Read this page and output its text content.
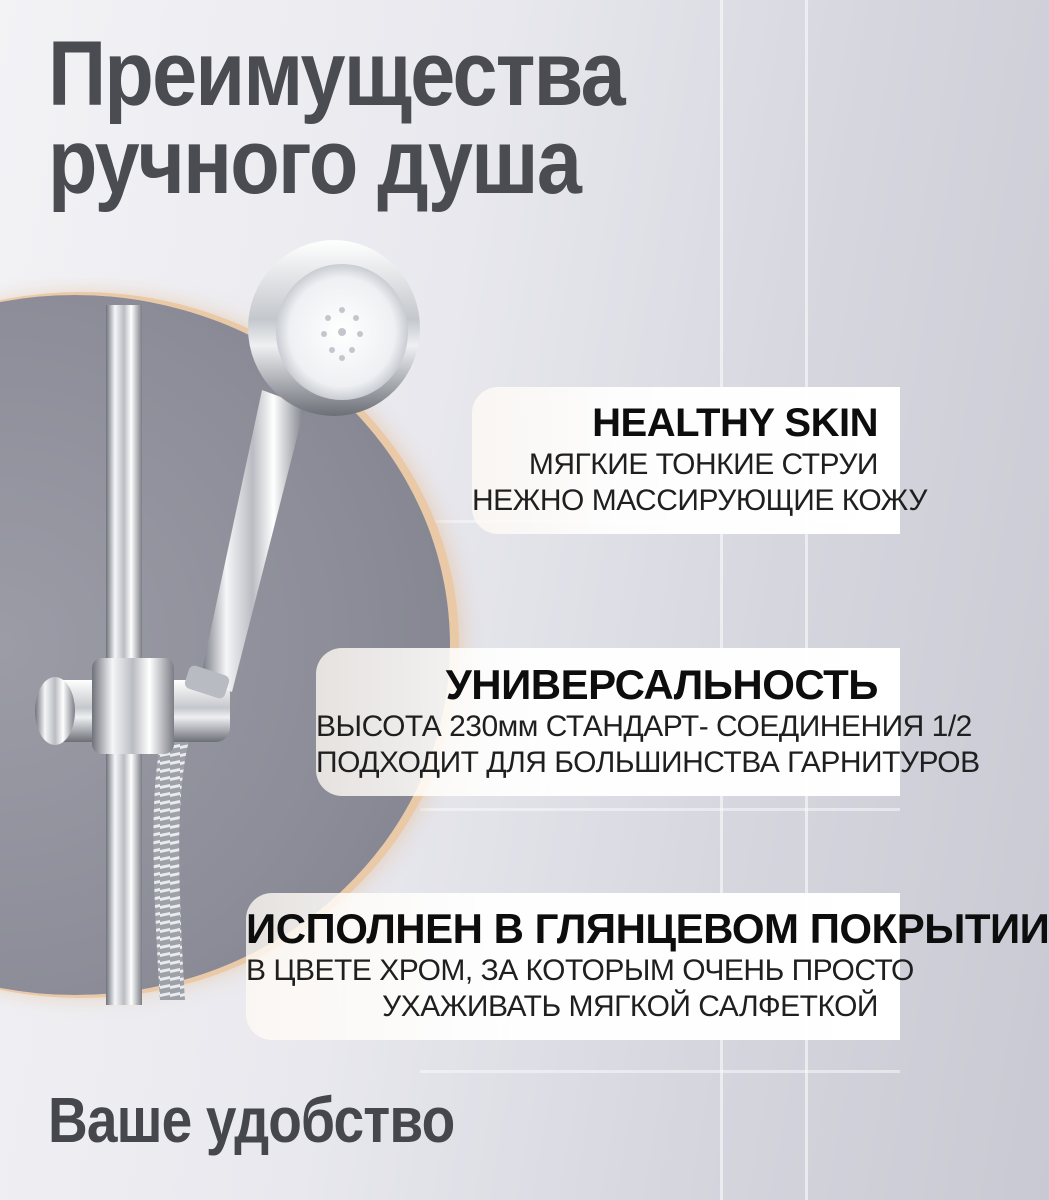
Преимущества
ручного душа
HEALTHY SKIN
МЯГКИЕ ТОНКИЕ СТРУИ
НЕЖНО МАССИРУЮЩИЕ КОЖУ
УНИВЕРСАЛЬНОСТЬ
ВЫСОТА 230мм СТАНДАРТ- СОЕДИНЕНИЯ 1/2
ПОДХОДИТ ДЛЯ БОЛЬШИНСТВА ГАРНИТУРОВ
ИСПОЛНЕН В ГЛЯНЦЕВОМ ПОКРЫТИИ
В ЦВЕТЕ ХРОМ, ЗА КОТОРЫМ ОЧЕНЬ ПРОСТО
УХАЖИВАТЬ МЯГКОЙ САЛФЕТКОЙ
Ваше удобство
